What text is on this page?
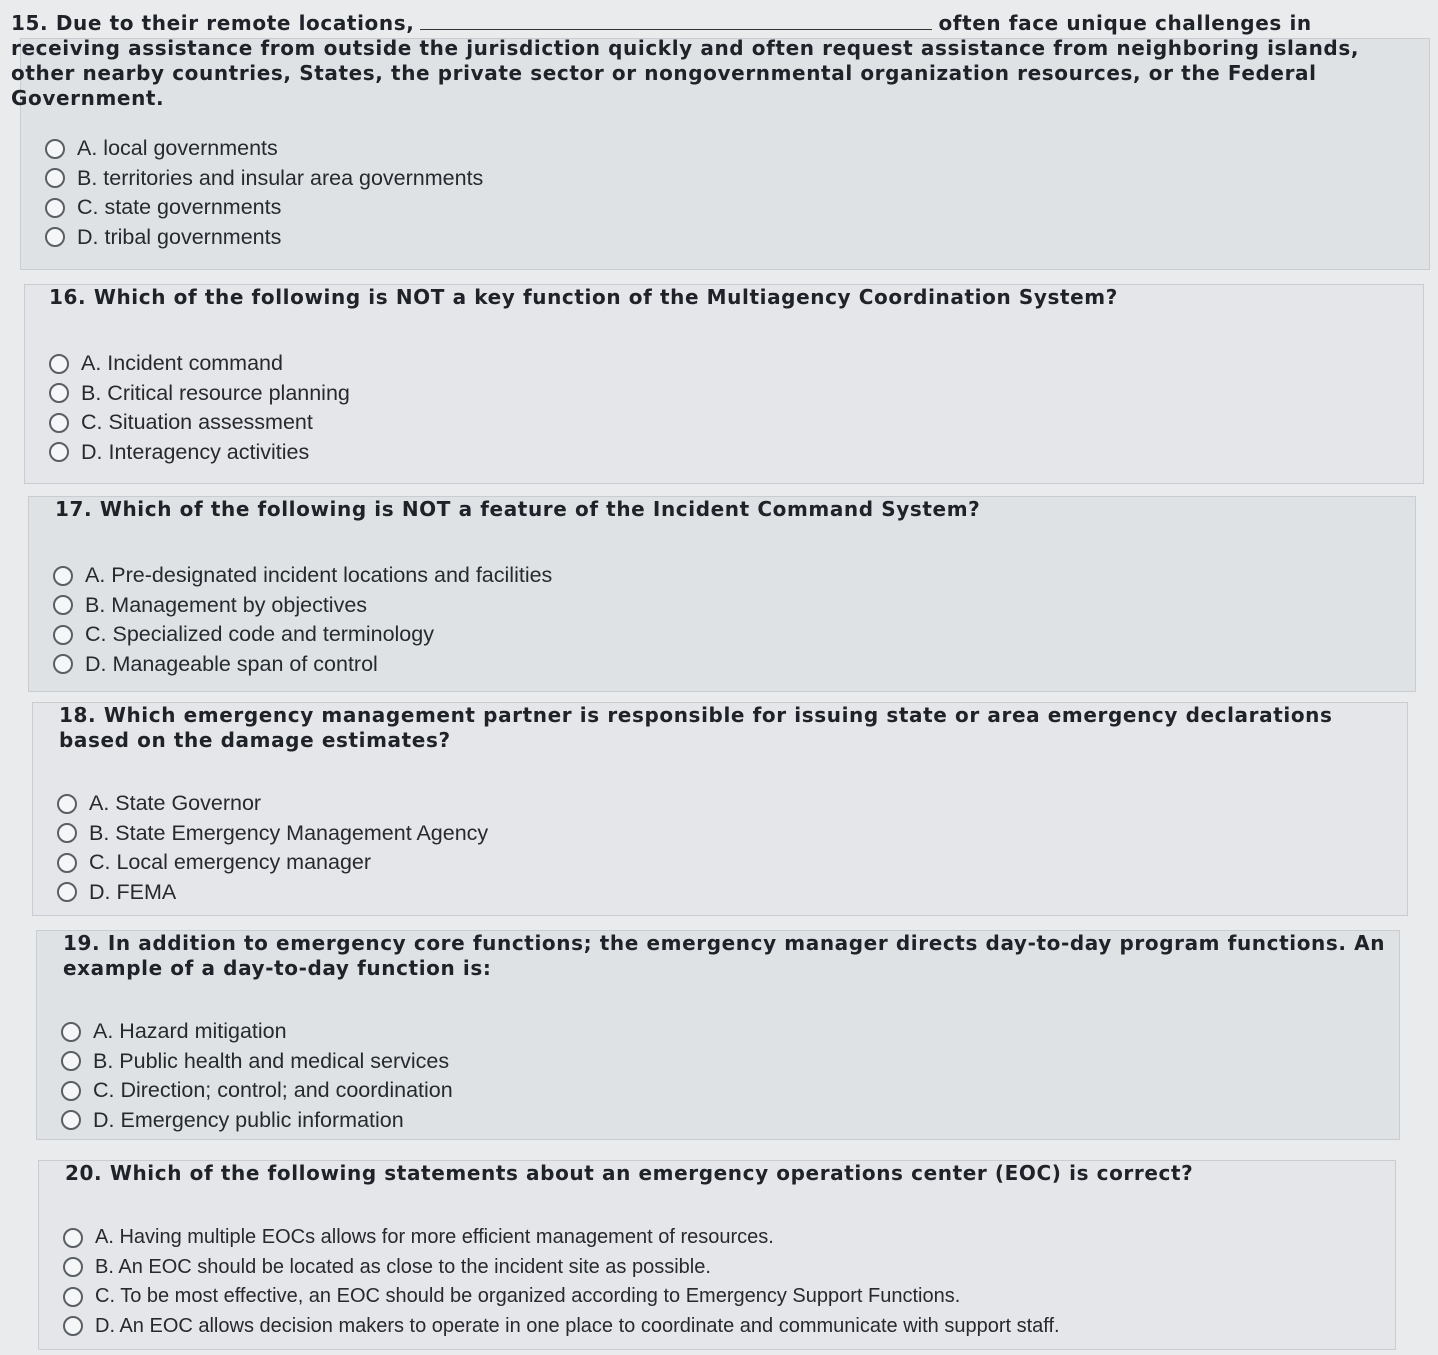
15. Due to their remote locations,	often face unique challenges in receiving assistance from outside the jurisdiction quickly and often request assistance from neighboring islands, other nearby countries, States, the private sector or nongovernmental organization resources, or the Federal Government.
A. local governments
B. territories and insular area governments
C. state governments
D. tribal governments
16. Which of the following is NOT a key function of the Multiagency Coordination System?
A. Incident command
B. Critical resource planning
C. Situation assessment
D. Interagency activities
17. Which of the following is NOT a feature of the Incident Command System?
A. Pre-designated incident locations and facilities
B. Management by objectives
C. Specialized code and terminology
D. Manageable span of control
18. Which emergency management partner is responsible for issuing state or area emergency declarations based on the damage estimates?
A. State Governor
B. State Emergency Management Agency
C. Local emergency manager
D. FEMA
19. In addition to emergency core functions; the emergency manager directs day-to-day program functions. An example of a day-to-day function is:
A. Hazard mitigation
B. Public health and medical services
C. Direction; control; and coordination
D. Emergency public information
20. Which of the following statements about an emergency operations center (EOC) is correct?
A. Having multiple EOCs allows for more efficient management of resources.
B. An EOC should be located as close to the incident site as possible.
C. To be most effective, an EOC should be organized according to Emergency Support Functions.
D. An EOC allows decision makers to operate in one place to coordinate and communicate with support staff.
